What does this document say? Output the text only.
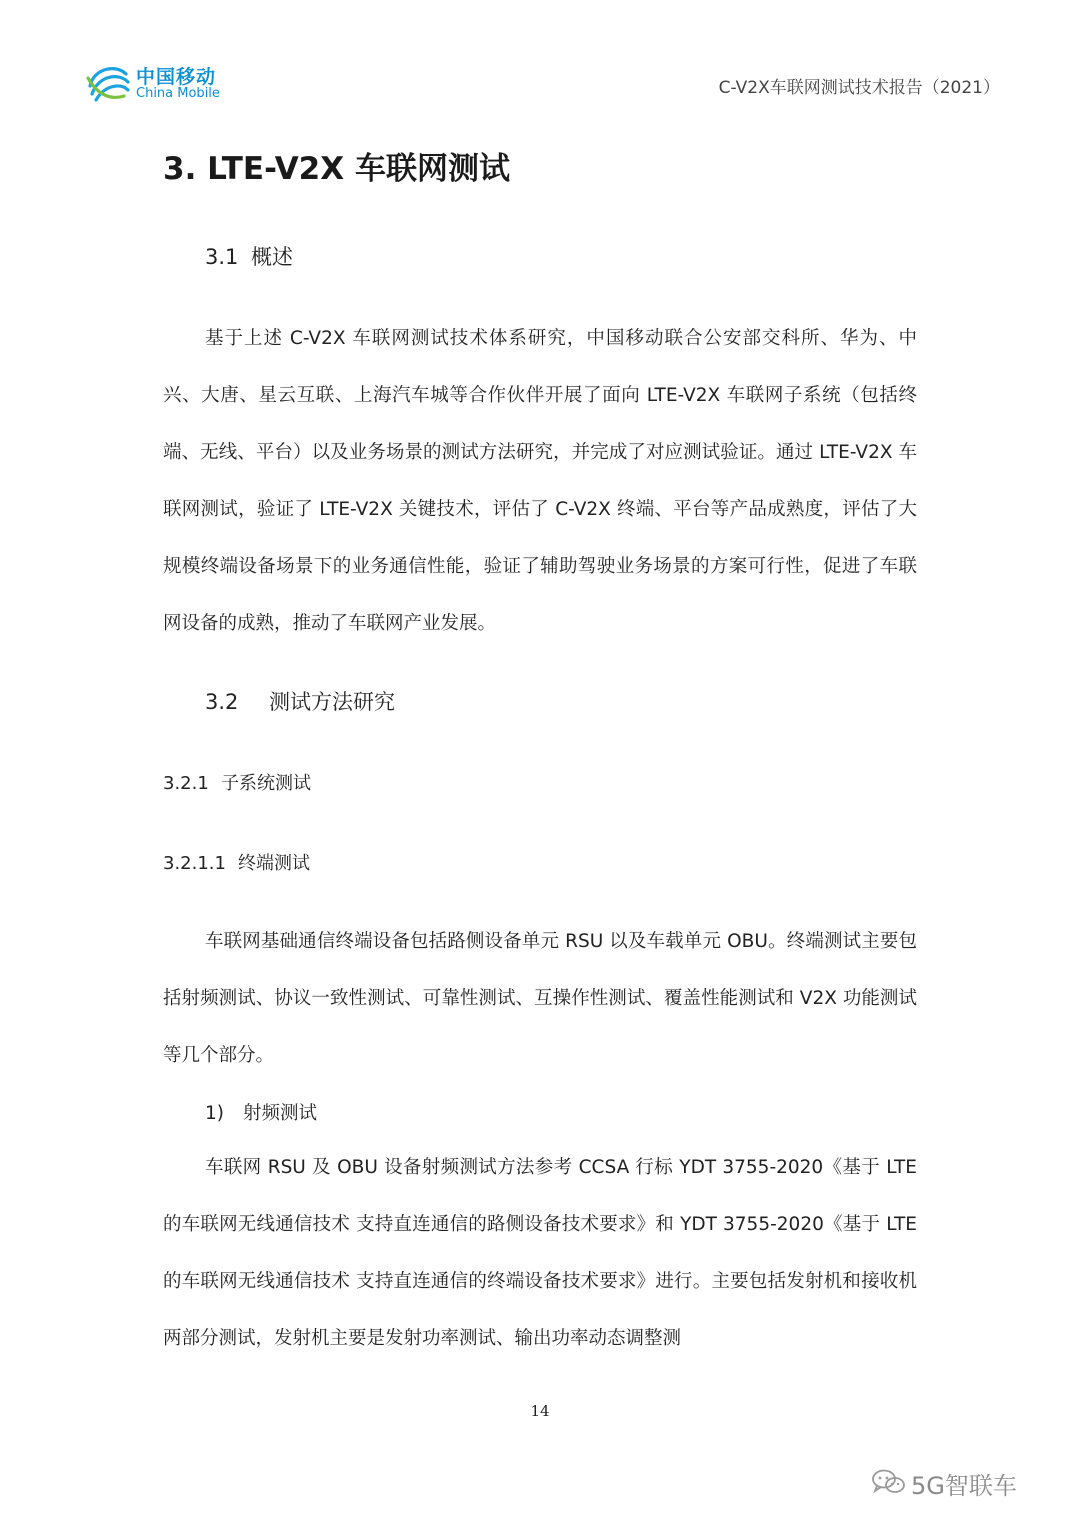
中国移动
China Mobile	C-V2X车联网测试技术报告（2021）
3. LTE-V2X 车联网测试
3.1 概述

基于上述 C-V2X 车联网测试技术体系研究，中国移动联合公安部交科所、华为、中兴、大唐、星云互联、上海汽车城等合作伙伴开展了面向 LTE-V2X 车联网子系统（包括终端、无线、平台）以及业务场景的测试方法研究，并完成了对应测试验证。通过 LTE-V2X 车联网测试，验证了 LTE-V2X 关键技术，评估了 C-V2X 终端、平台等产品成熟度，评估了大规模终端设备场景下的业务通信性能，验证了辅助驾驶业务场景的方案可行性，促进了车联网设备的成熟，推动了车联网产业发展。

3.2 测试方法研究
3.2.1 子系统测试
3.2.1.1 终端测试

车联网基础通信终端设备包括路侧设备单元 RSU 以及车载单元 OBU。终端测试主要包括射频测试、协议一致性测试、可靠性测试、互操作性测试、覆盖性能测试和 V2X 功能测试等几个部分。

1) 射频测试

车联网 RSU 及 OBU 设备射频测试方法参考 CCSA 行标 YDT 3755-2020《基于 LTE 的车联网无线通信技术 支持直连通信的路侧设备技术要求》和 YDT 3755-2020《基于 LTE 的车联网无线通信技术 支持直连通信的终端设备技术要求》进行。主要包括发射机和接收机两部分测试，发射机主要是发射功率测试、输出功率动态调整测

14
5G智联车
